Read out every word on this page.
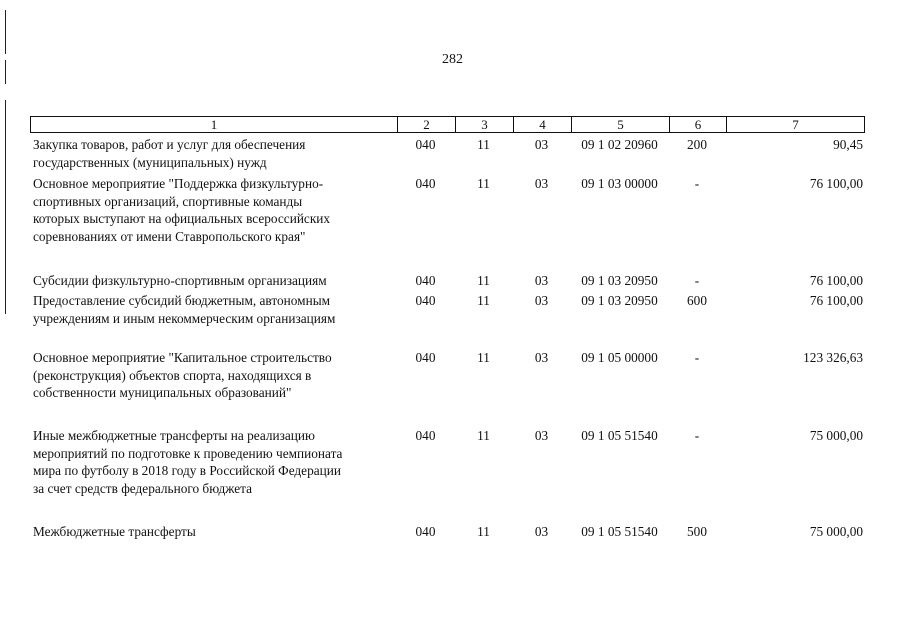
282
1	2	3	4	5	6	7
Закупка товаров, работ и услуг для обеспечения
государственных (муниципальных) нужд
040	11	03	09 1 02 20960	200	90,45
Основное мероприятие "Поддержка физкультурно-
спортивных организаций, спортивные команды
которых выступают на официальных всероссийских
соревнованиях от имени Ставропольского края"
040	11	03	09 1 03 00000	-	76 100,00
Субсидии физкультурно-спортивным организациям	040	11	03	09 1 03 20950	-	76 100,00
Предоставление субсидий бюджетным, автономным
учреждениям и иным некоммерческим организациям
040	11	03	09 1 03 20950	600	76 100,00
Основное мероприятие "Капитальное строительство
(реконструкция) объектов спорта, находящихся в
собственности муниципальных образований"
040	11	03	09 1 05 00000	-	123 326,63
Иные межбюджетные трансферты на реализацию
мероприятий по подготовке к проведению чемпионата
мира по футболу в 2018 году в Российской Федерации
за счет средств федерального бюджета
040	11	03	09 1 05 51540	-	75 000,00
Межбюджетные трансферты	040	11	03	09 1 05 51540	500	75 000,00
